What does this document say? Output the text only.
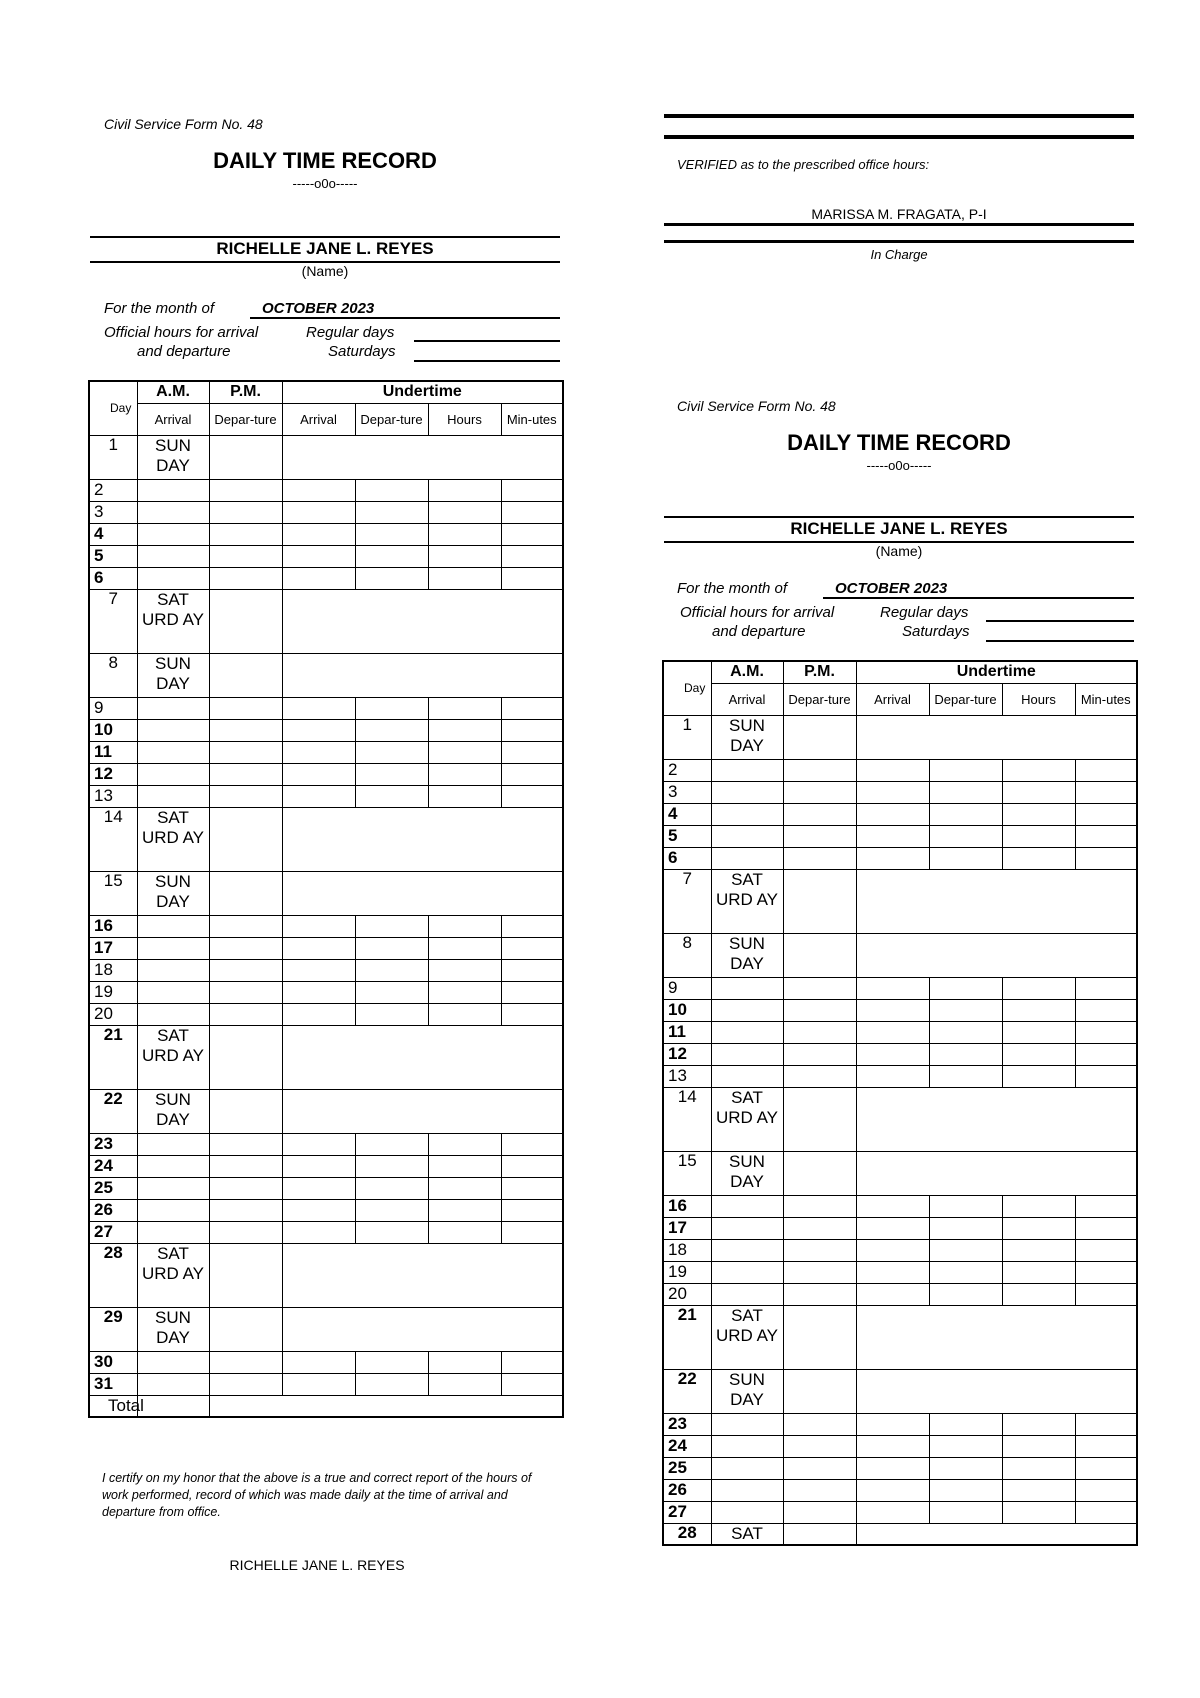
Civil Service Form No. 48
DAILY TIME RECORD
-----o0o-----
RICHELLE JANE L. REYES
(Name)
For the month of	OCTOBER 2023
Official hours for arrival
and departure
Regular days
Saturdays
Day	A.M.	P.M.	Undertime			
	Arrival	Depar-ture	Arrival	Depar-ture	Hours	Min-utes
1	SUN DAY					
2						
3						
4						
5						
6						
7	SAT URD AY					
8	SUN DAY					
9						
10						
11						
12						
13						
14	SAT URD AY					
15	SUN DAY					
16						
17						
18						
19						
20						
21	SAT URD AY					
22	SUN DAY					
23						
24						
25						
26						
27						
28	SAT URD AY					
29	SUN DAY					
30						
31						
Total						
I certify on my honor that the above is a true and correct report of the hours of work performed, record of which was made daily at the time of arrival and departure from office.
RICHELLE JANE L. REYES
VERIFIED as to the prescribed office hours:
MARISSA M. FRAGATA, P-I
In Charge
Civil Service Form No. 48
DAILY TIME RECORD
-----o0o-----
RICHELLE JANE L. REYES
(Name)
For the month of	OCTOBER 2023
Official hours for arrival
and departure
Regular days
Saturdays
Day	A.M.	P.M.	Undertime			
	Arrival	Depar-ture	Arrival	Depar-ture	Hours	Min-utes
1	SUN DAY					
2						
3						
4						
5						
6						
7	SAT URD AY					
8	SUN DAY					
9						
10						
11						
12						
13						
14	SAT URD AY					
15	SUN DAY					
16						
17						
18						
19						
20						
21	SAT URD AY					
22	SUN DAY					
23						
24						
25						
26						
27						
28	SAT					
